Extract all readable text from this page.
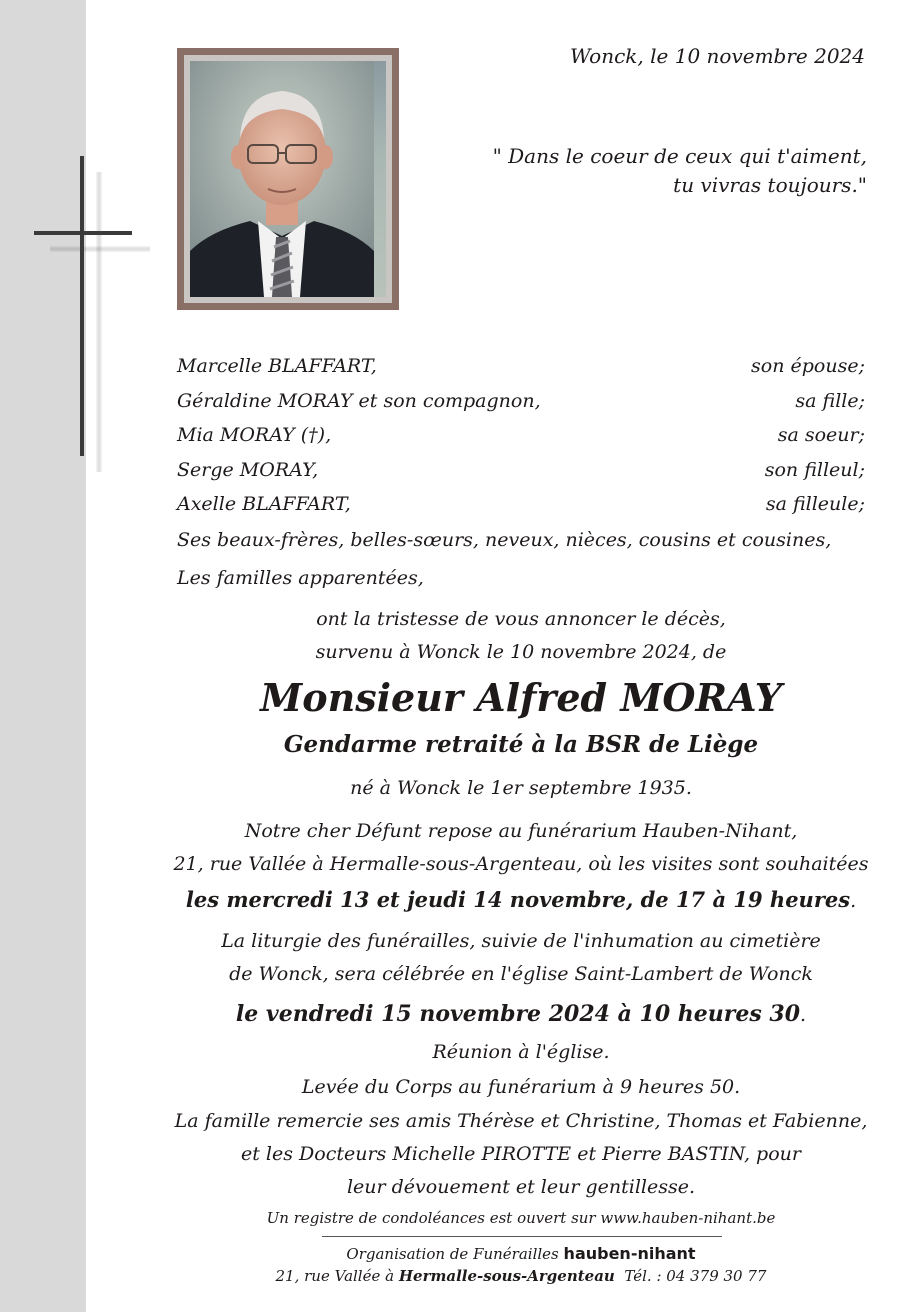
Wonck, le 10 novembre 2024
" Dans le coeur de ceux qui t'aiment,
tu vivras toujours."
Marcelle BLAFFART,	son épouse;
Géraldine MORAY et son compagnon,	sa fille;
Mia MORAY (†),	sa soeur;
Serge MORAY,	son filleul;
Axelle BLAFFART,	sa filleule;
Ses beaux-frères, belles-sœurs, neveux, nièces, cousins et cousines,
Les familles apparentées,
ont la tristesse de vous annoncer le décès,
survenu à Wonck le 10 novembre 2024, de
Monsieur Alfred MORAY
Gendarme retraité à la BSR de Liège
né à Wonck le 1er septembre 1935.
Notre cher Défunt repose au funérarium Hauben-Nihant,
21, rue Vallée à Hermalle-sous-Argenteau, où les visites sont souhaitées
les mercredi 13 et jeudi 14 novembre, de 17 à 19 heures.
La liturgie des funérailles, suivie de l'inhumation au cimetière
de Wonck, sera célébrée en l'église Saint-Lambert de Wonck
le vendredi 15 novembre 2024 à 10 heures 30.
Réunion à l'église.
Levée du Corps au funérarium à 9 heures 50.
La famille remercie ses amis Thérèse et Christine, Thomas et Fabienne,
et les Docteurs Michelle PIROTTE et Pierre BASTIN, pour
leur dévouement et leur gentillesse.
Un registre de condoléances est ouvert sur www.hauben-nihant.be
Organisation de Funérailles hauben-nihant
21, rue Vallée à Hermalle-sous-Argenteau Tél. : 04 379 30 77
